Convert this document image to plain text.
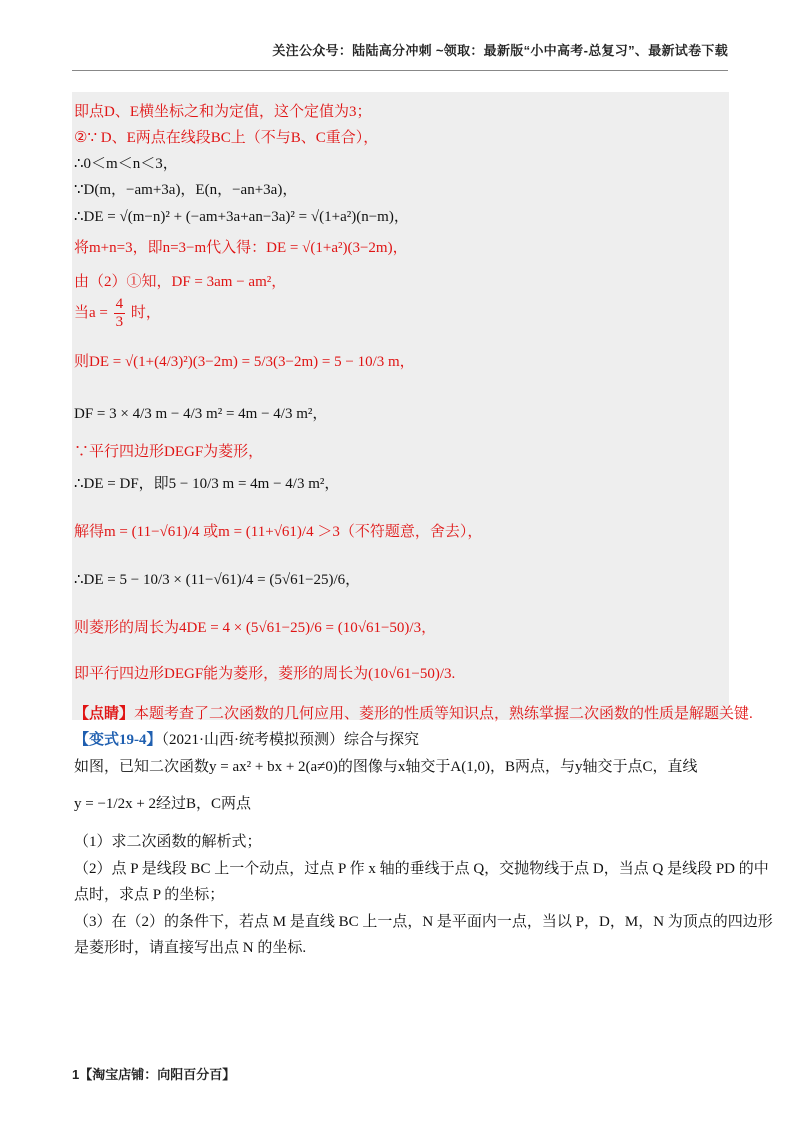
关注公众号：陆陆高分冲刺 ~领取：最新版“小中高考-总复习”、最新试卷下载
即点D、E横坐标之和为定值，这个定值为3；
②∵ D、E两点在线段BC上（不与B、C重合），
∴0＜m＜n＜3，
∵D(m，−am+3a)，E(n，−an+3a)，
∴DE = √(m−n)² + (−am+3a+an−3a)² = √(1+a²)(n−m)，
将m+n=3，即n=3−m代入得：DE = √(1+a²)(3−2m)，
由（2）①知，DF = 3am − am²，
当$a = \frac{4}{3}$ 时，
则DE = √(1+(4/3)²)(3−2m) = 5/3(3−2m) = 5 − 10/3 m，
DF = 3 × 4/3 m − 4/3 m² = 4m − 4/3 m²，
∵平行四边形DEGF为菱形，
∴DE = DF，即5 − 10/3 m = 4m − 4/3 m²，
解得m = (11−√61)/4 或m = (11+√61)/4 ＞3（不符题意，舍去），
∴DE = 5 − 10/3 × (11−√61)/4 = (5√61−25)/6，
则菱形的周长为4DE = 4 × (5√61−25)/6 = (10√61−50)/3，
即平行四边形DEGF能为菱形，菱形的周长为(10√61−50)/3.
【点睛】本题考查了二次函数的几何应用、菱形的性质等知识点，熟练掌握二次函数的性质是解题关键.
【变式19-4】（2021·山西·统考模拟预测）综合与探究
如图，已知二次函数y = ax² + bx + 2(a≠0)的图像与x轴交于A(1,0)，B两点，与y轴交于点C，直线
y = −1/2x + 2经过B，C两点
（1）求二次函数的解析式；
（2）点 P 是线段 BC 上一个动点，过点 P 作 x 轴的垂线于点 Q，交抛物线于点 D，当点 Q 是线段 PD 的中
点时，求点 P 的坐标；
（3）在（2）的条件下，若点 M 是直线 BC 上一点，N 是平面内一点，当以 P，D，M，N 为顶点的四边形
是菱形时，请直接写出点 N 的坐标.
1【淘宝店铺：向阳百分百】
